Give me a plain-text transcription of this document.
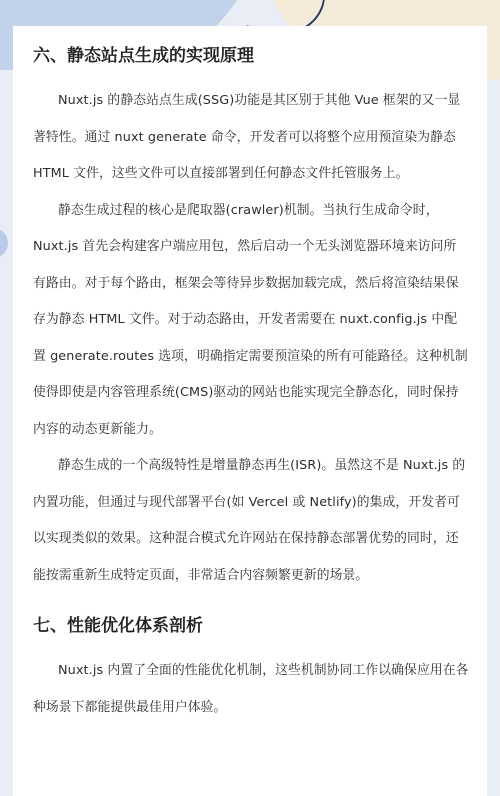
六、静态站点生成的实现原理

Nuxt.js 的静态站点生成(SSG)功能是其区别于其他 Vue 框架的又一显著特性。通过 nuxt generate 命令，开发者可以将整个应用预渲染为静态 HTML 文件，这些文件可以直接部署到任何静态文件托管服务上。

静态生成过程的核心是爬取器(crawler)机制。当执行生成命令时，Nuxt.js 首先会构建客户端应用包，然后启动一个无头浏览器环境来访问所有路由。对于每个路由，框架会等待异步数据加载完成，然后将渲染结果保存为静态 HTML 文件。对于动态路由，开发者需要在 nuxt.config.js 中配置 generate.routes 选项，明确指定需要预渲染的所有可能路径。这种机制使得即使是内容管理系统(CMS)驱动的网站也能实现完全静态化，同时保持内容的动态更新能力。

静态生成的一个高级特性是增量静态再生(ISR)。虽然这不是 Nuxt.js 的内置功能，但通过与现代部署平台(如 Vercel 或 Netlify)的集成，开发者可以实现类似的效果。这种混合模式允许网站在保持静态部署优势的同时，还能按需重新生成特定页面，非常适合内容频繁更新的场景。

七、性能优化体系剖析

Nuxt.js 内置了全面的性能优化机制，这些机制协同工作以确保应用在各种场景下都能提供最佳用户体验。
